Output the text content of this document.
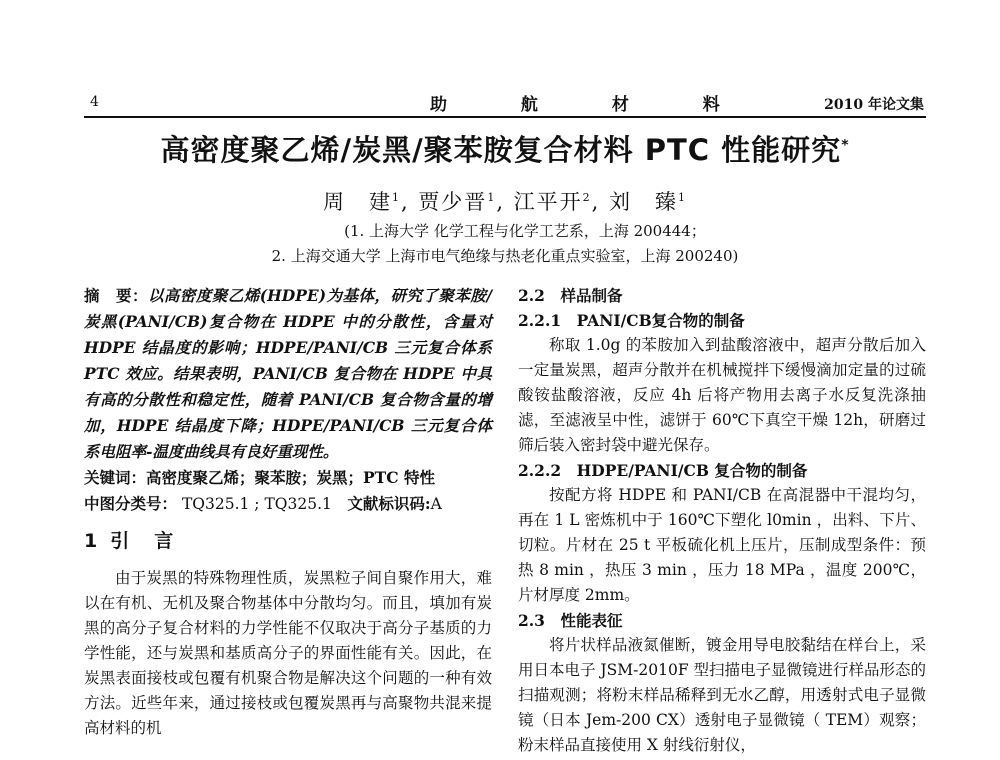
4	助 航 材 料	2010 年论文集
高密度聚乙烯/炭黑/聚苯胺复合材料 PTC 性能研究*
周　建$^1$, 贾少晋$^1$, 江平开$^2$, 刘　臻$^1$
(1. 上海大学 化学工程与化学工艺系，上海 200444；
2. 上海交通大学 上海市电气绝缘与热老化重点实验室，上海 200240)

摘　要：以高密度聚乙烯(HDPE)为基体，研究了聚苯胺/炭黑(PANI/CB)复合物在 HDPE 中的分散性，含量对 HDPE 结晶度的影响；HDPE/PANI/CB 三元复合体系 PTC 效应。结果表明，PANI/CB 复合物在 HDPE 中具有高的分散性和稳定性，随着 PANI/CB 复合物含量的增加，HDPE 结晶度下降；HDPE/PANI/CB 三元复合体系电阻率-温度曲线具有良好重现性。

关键词：高密度聚乙烯；聚苯胺；炭黑；PTC 特性

中图分类号： TQ325.1 ; TQ325.1　 文献标识码:A

1 引　言

由于炭黑的特殊物理性质，炭黑粒子间自聚作用大，难以在有机、无机及聚合物基体中分散均匀。而且，填加有炭黑的高分子复合材料的力学性能不仅取决于高分子基质的力学性能，还与炭黑和基质高分子的界面性能有关。因此，在炭黑表面接枝或包覆有机聚合物是解决这个问题的一种有效方法。近些年来，通过接枝或包覆炭黑再与高聚物共混来提高材料的机

2.2　样品制备

2.2.1　PANI/CB复合物的制备

称取 1.0g 的苯胺加入到盐酸溶液中，超声分散后加入一定量炭黑，超声分散并在机械搅拌下缓慢滴加定量的过硫酸铵盐酸溶液，反应 4h 后将产物用去离子水反复洗涤抽滤，至滤液呈中性，滤饼于 60℃下真空干燥 12h，研磨过筛后装入密封袋中避光保存。

2.2.2　HDPE/PANI/CB 复合物的制备

按配方将 HDPE 和 PANI/CB 在高混器中干混均匀，再在 1 L 密炼机中于 160℃下塑化 l0min ，出料、下片、切粒。片材在 25 t 平板硫化机上压片，压制成型条件：预热 8 min ，热压 3 min ，压力 18 MPa ，温度 200℃，片材厚度 2mm。

2.3　性能表征

将片状样品液氮催断，镀金用导电胶黏结在样台上，采用日本电子 JSM-2010F 型扫描电子显微镜进行样品形态的扫描观测；将粉末样品稀释到无水乙醇，用透射式电子显微镜（日本 Jem-200 CX）透射电子显微镜（ TEM）观察；粉末样品直接使用 X 射线衍射仪，
